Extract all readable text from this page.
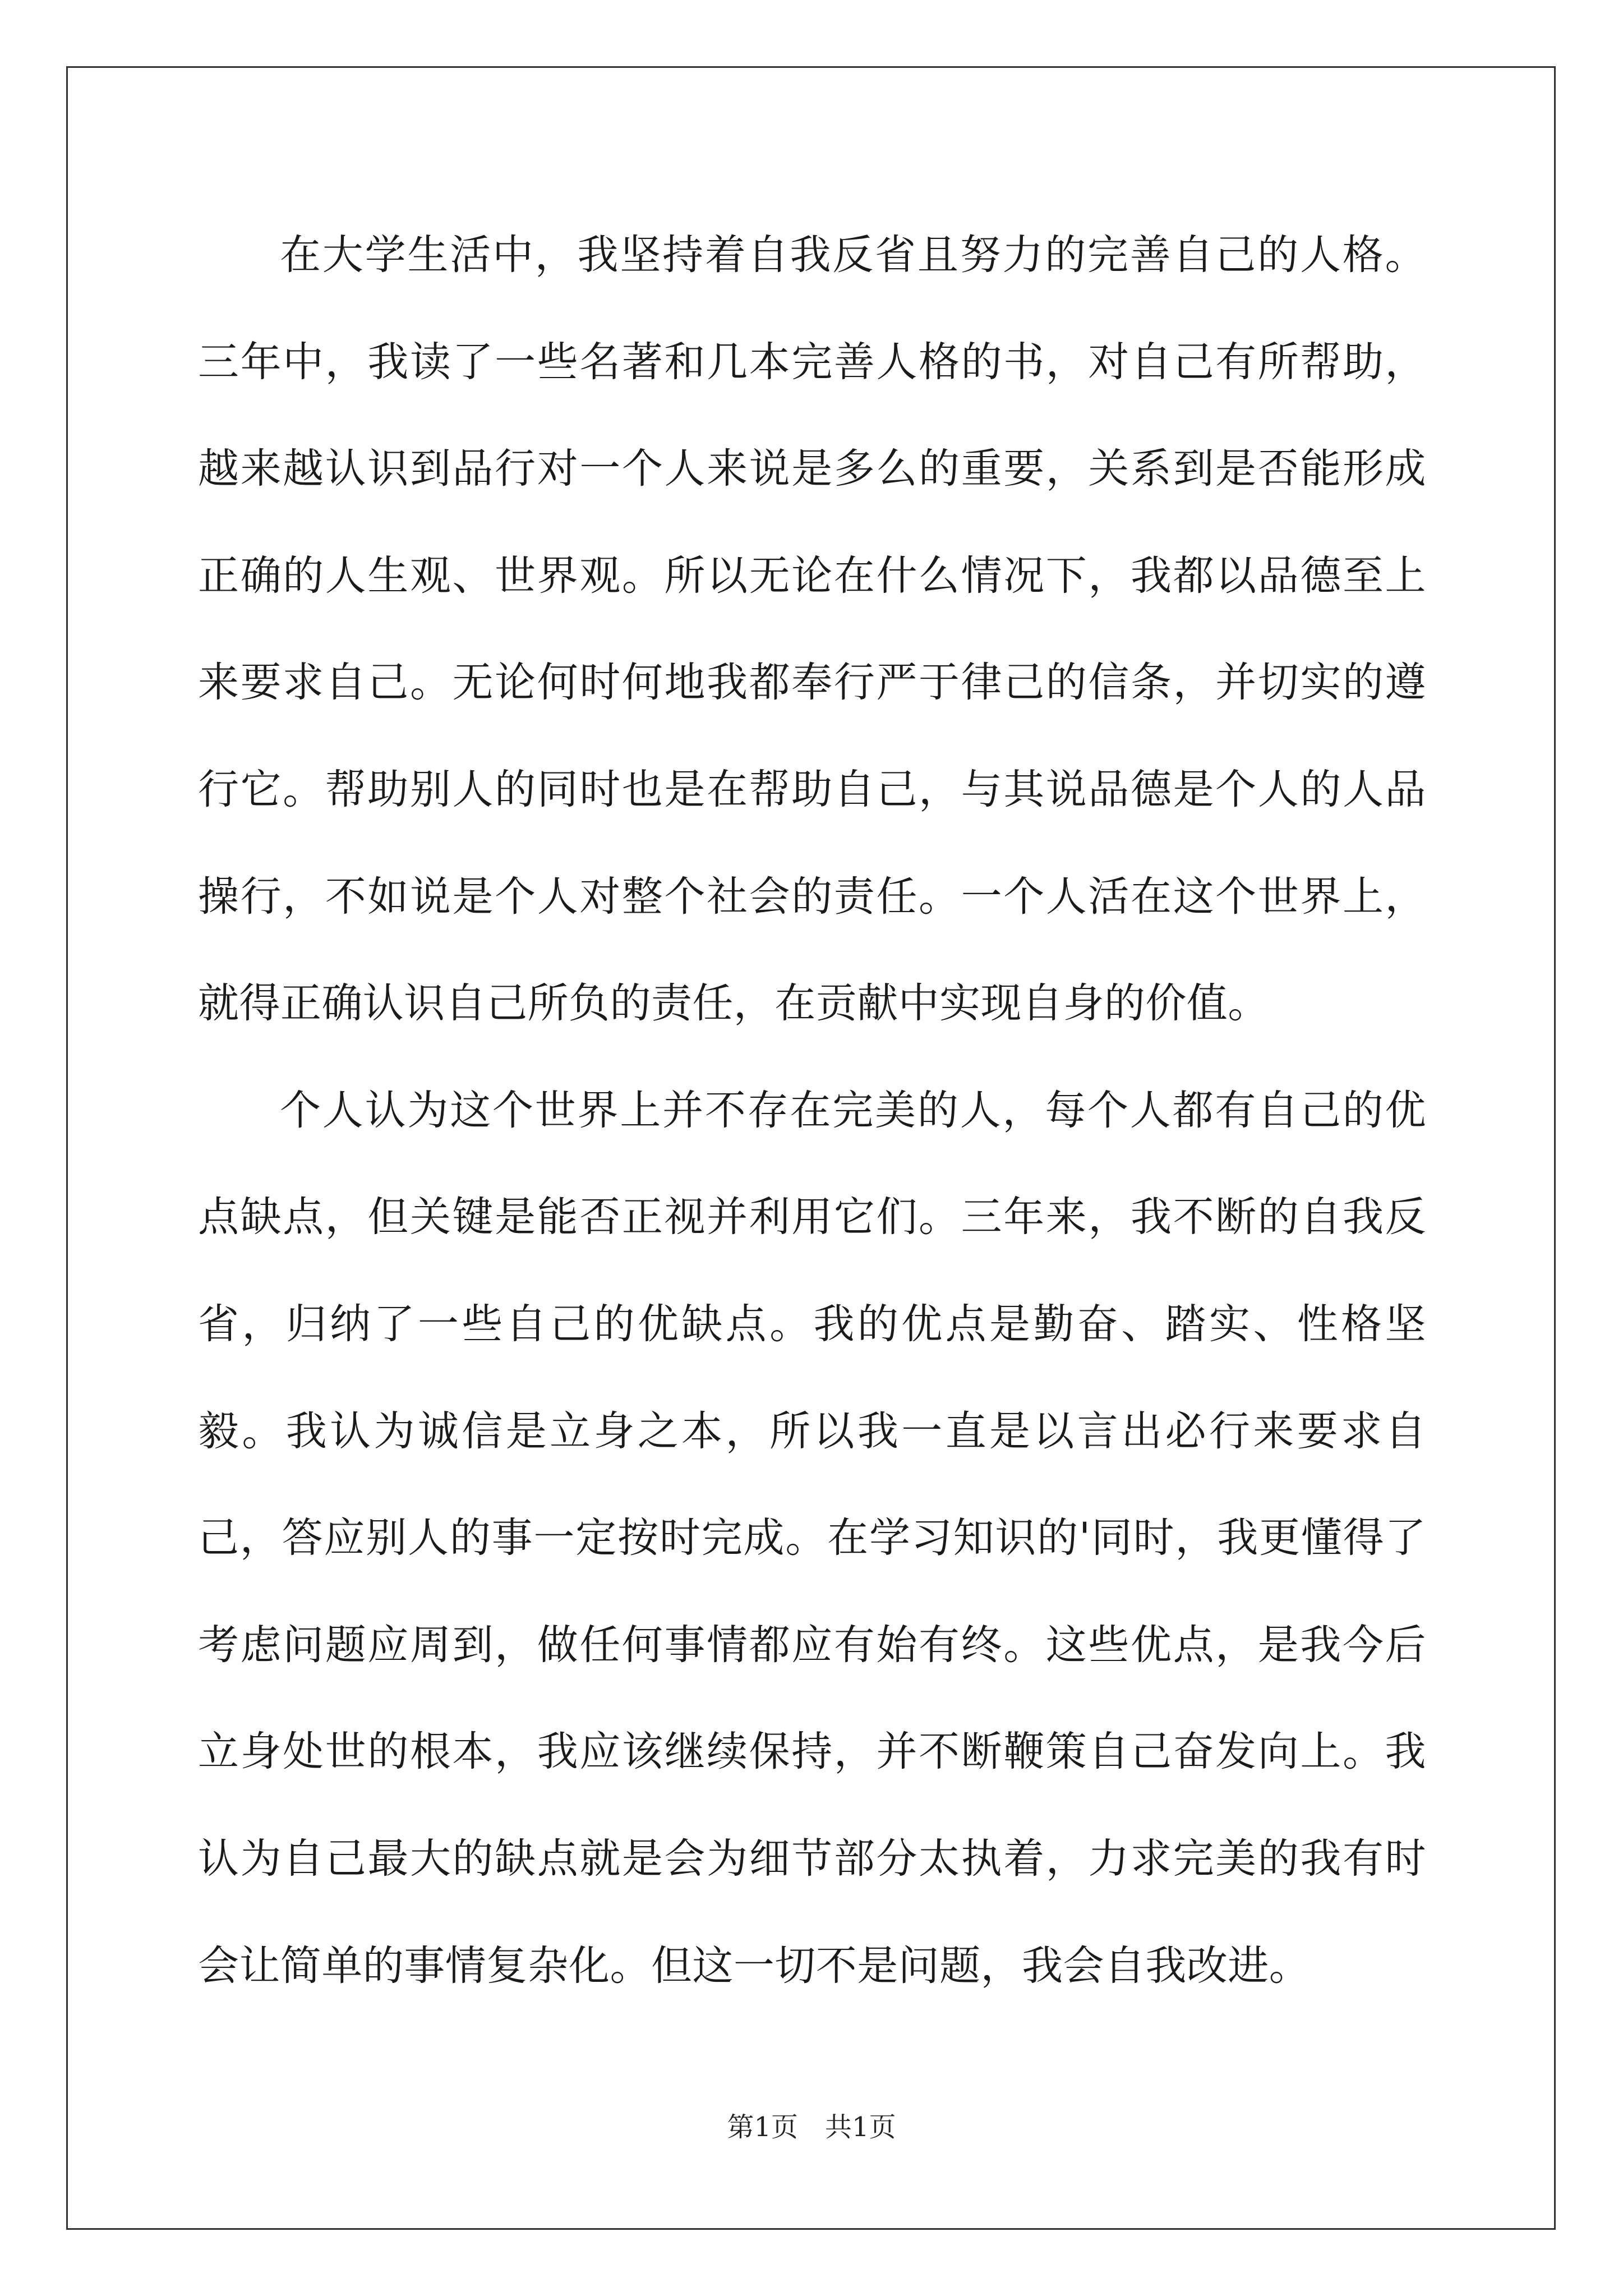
在大学生活中，我坚持着自我反省且努力的完善自己的人格。三年中，我读了一些名著和几本完善人格的书，对自己有所帮助，越来越认识到品行对一个人来说是多么的重要，关系到是否能形成正确的人生观、世界观。所以无论在什么情况下，我都以品德至上来要求自己。无论何时何地我都奉行严于律己的信条，并切实的遵行它。帮助别人的同时也是在帮助自己，与其说品德是个人的人品操行，不如说是个人对整个社会的责任。一个人活在这个世界上，就得正确认识自己所负的责任，在贡献中实现自身的价值。

个人认为这个世界上并不存在完美的人，每个人都有自己的优点缺点，但关键是能否正视并利用它们。三年来，我不断的自我反省，归纳了一些自己的优缺点。我的优点是勤奋、踏实、性格坚毅。我认为诚信是立身之本，所以我一直是以言出必行来要求自己，答应别人的事一定按时完成。在学习知识的'同时，我更懂得了考虑问题应周到，做任何事情都应有始有终。这些优点，是我今后立身处世的根本，我应该继续保持，并不断鞭策自己奋发向上。我认为自己最大的缺点就是会为细节部分太执着，力求完美的我有时会让简单的事情复杂化。但这一切不是问题，我会自我改进。

第1页 共1页
